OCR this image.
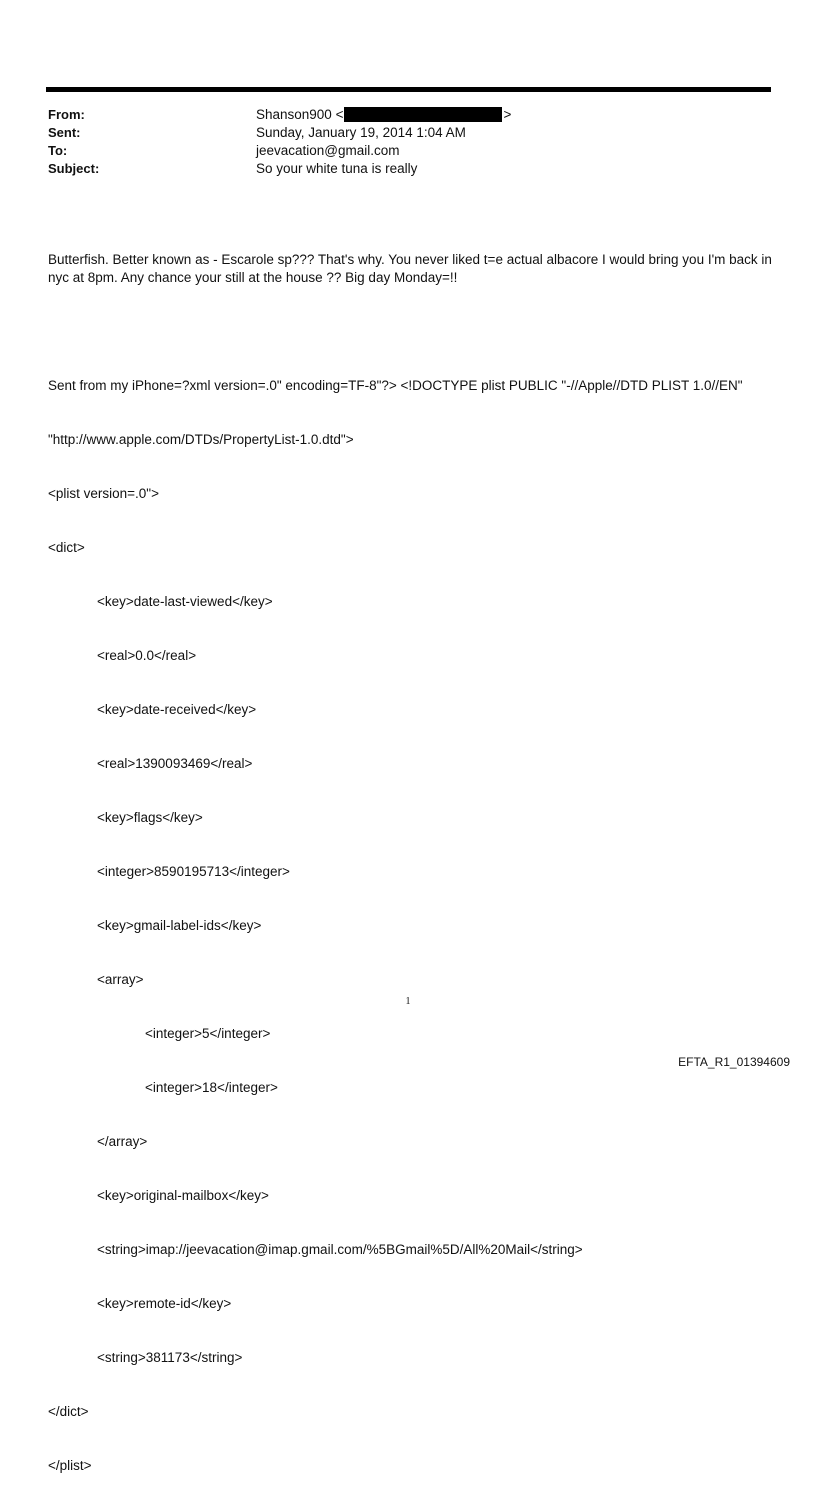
From:	Shanson900 <	>
Sent:	Sunday, January 19, 2014 1:04 AM
To:	jeevacation@gmail.com
Subject:	So your white tuna is really

Butterfish. Better known as - Escarole sp??? That's why. You never liked t=e actual albacore I would bring you I'm back in nyc at 8pm. Any chance your still at the house ?? Big day Monday=!!

Sent from my iPhone=?xml version=.0" encoding=TF-8"?> <!DOCTYPE plist PUBLIC "-//Apple//DTD PLIST 1.0//EN"

"http://www.apple.com/DTDs/PropertyList-1.0.dtd">

<plist version=.0">

<dict>

<key>date-last-viewed</key>

<real>0.0</real>

<key>date-received</key>

<real>1390093469</real>

<key>flags</key>

<integer>8590195713</integer>

<key>gmail-label-ids</key>

<array>

<integer>5</integer>

<integer>18</integer>

</array>

<key>original-mailbox</key>

<string>imap://jeevacation@imap.gmail.com/%5BGmail%5D/All%20Mail</string>

<key>remote-id</key>

<string>381173</string>

</dict>

</plist>

1
EFTA_R1_01394609
